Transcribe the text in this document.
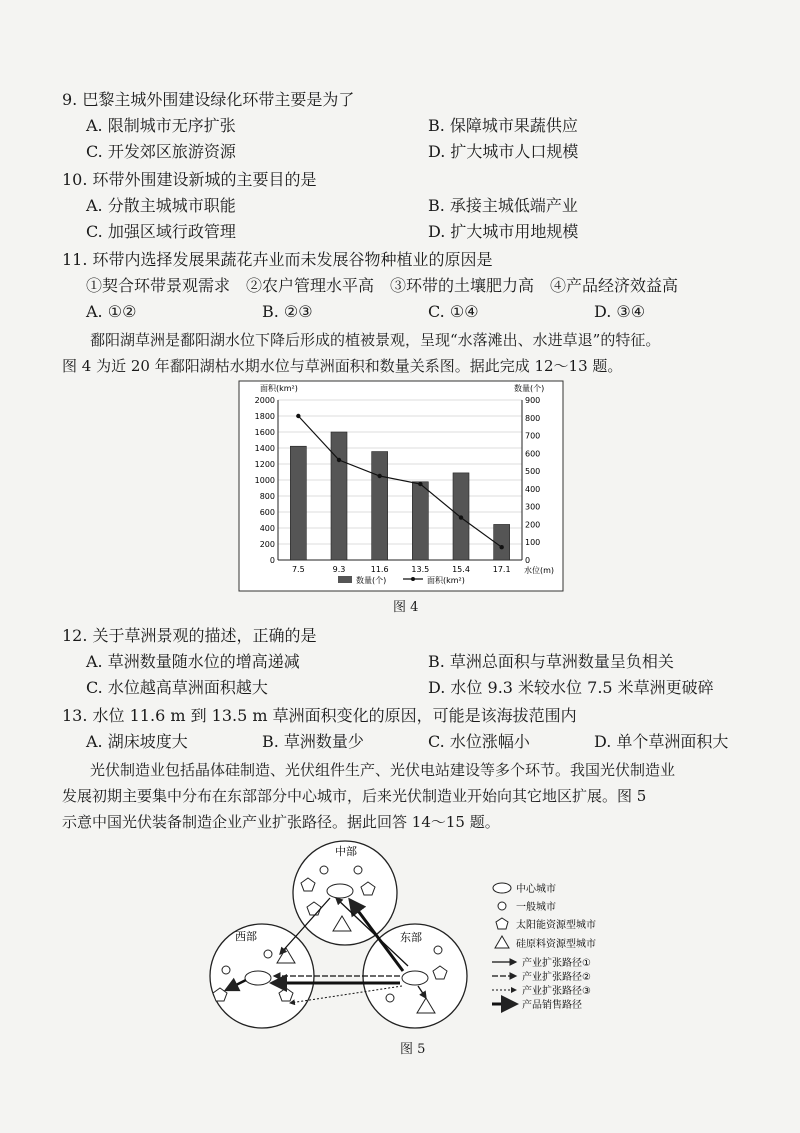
9. 巴黎主城外围建设绿化环带主要是为了
A. 限制城市无序扩张	B. 保障城市果蔬供应
C. 开发郊区旅游资源	D. 扩大城市人口规模
10. 环带外围建设新城的主要目的是
A. 分散主城城市职能	B. 承接主城低端产业
C. 加强区域行政管理	D. 扩大城市用地规模
11. 环带内选择发展果蔬花卉业而未发展谷物种植业的原因是
①契合环带景观需求　②农户管理水平高　③环带的土壤肥力高　④产品经济效益高
A. ①②	B. ②③	C. ①④	D. ③④
鄱阳湖草洲是鄱阳湖水位下降后形成的植被景观，呈现“水落滩出、水进草退”的特征。
图 4 为近 20 年鄱阳湖枯水期水位与草洲面积和数量关系图。据此完成 12～13 题。
0
200
400
600
800
1000
1200
1400
1600
1800
2000
0
100
200
300
400
500
600
700
800
900
面积(km²)	数量(个)
水位(m)
7.5	9.3	11.6	13.5	15.4	17.1
数量(个)	面积(km²)
图 4
12. 关于草洲景观的描述，正确的是
A. 草洲数量随水位的增高递减	B. 草洲总面积与草洲数量呈负相关
C. 水位越高草洲面积越大	D. 水位 9.3 米较水位 7.5 米草洲更破碎
13. 水位 11.6 m 到 13.5 m 草洲面积变化的原因，可能是该海拔范围内
A. 湖床坡度大	B. 草洲数量少	C. 水位涨幅小	D. 单个草洲面积大
光伏制造业包括晶体硅制造、光伏组件生产、光伏电站建设等多个环节。我国光伏制造业
发展初期主要集中分布在东部部分中心城市，后来光伏制造业开始向其它地区扩展。图 5
示意中国光伏装备制造企业产业扩张路径。据此回答 14～15 题。
中部
西部	东部
中心城市
一般城市
太阳能资源型城市
硅原料资源型城市
产业扩张路径①
产业扩张路径②
产业扩张路径③
产品销售路径
图 5
